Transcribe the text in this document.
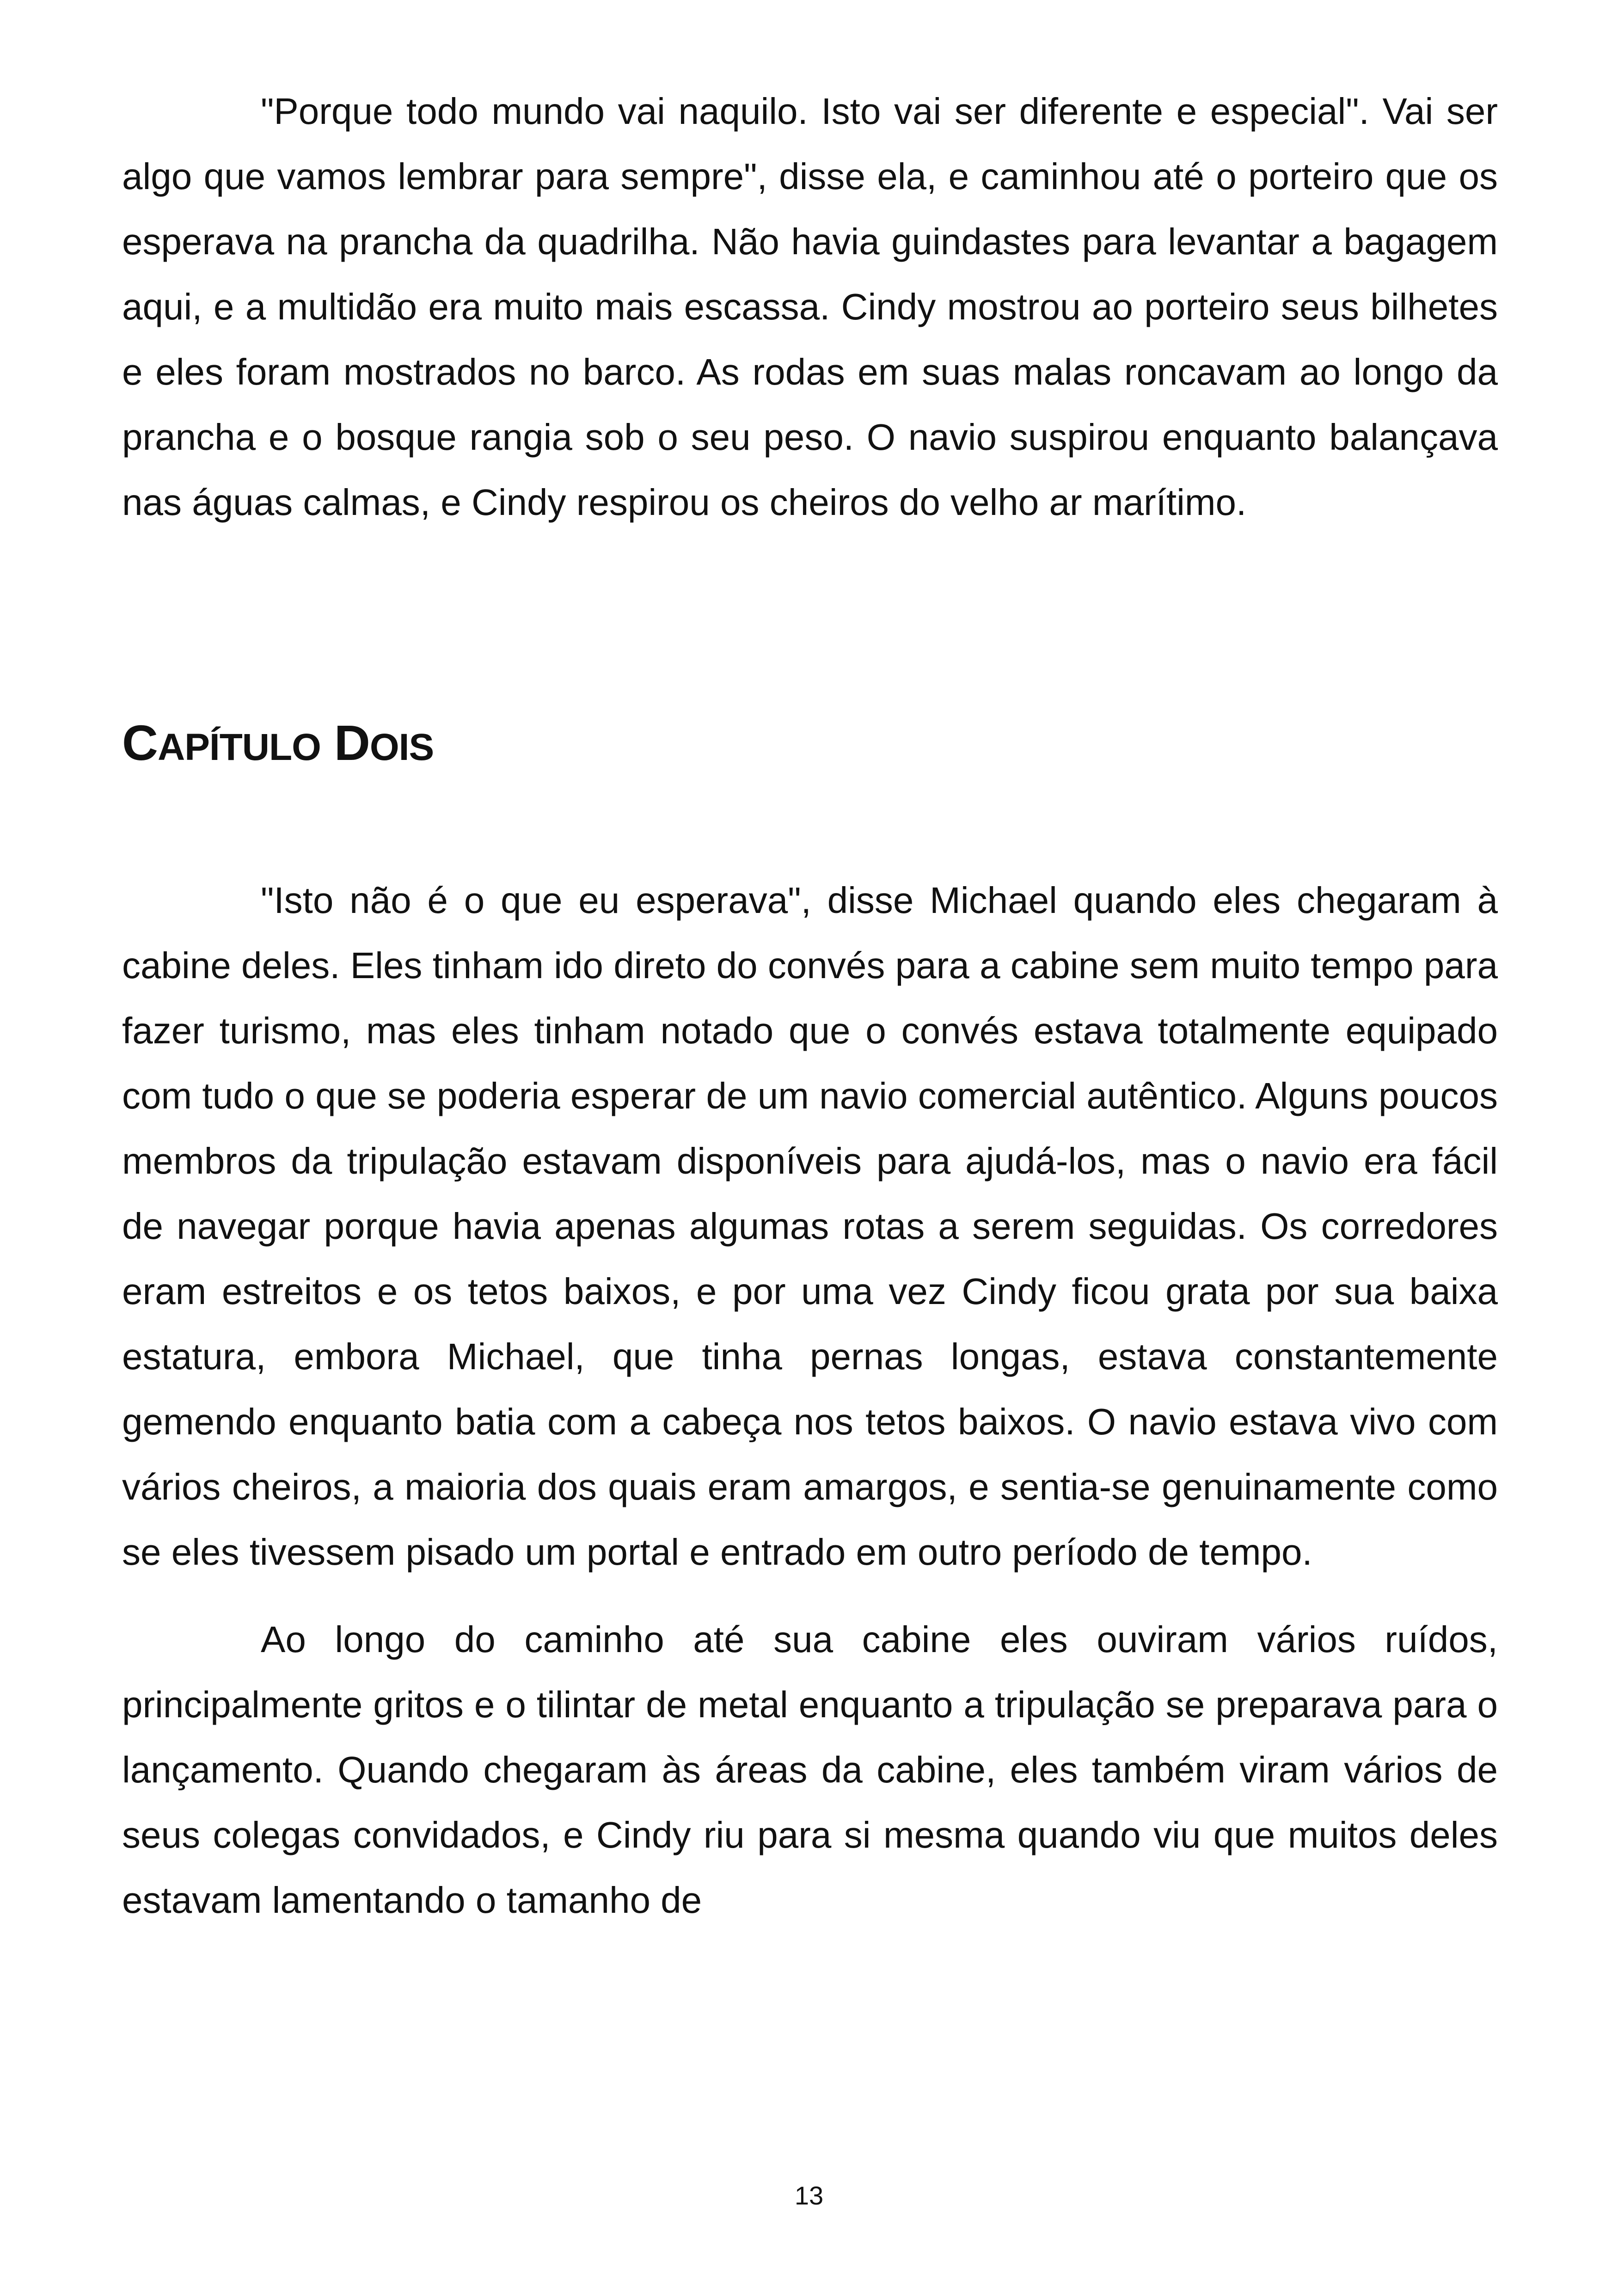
"Porque todo mundo vai naquilo. Isto vai ser diferente e especial". Vai ser algo que vamos lembrar para sempre", disse ela, e caminhou até o porteiro que os esperava na prancha da quadrilha. Não havia guindastes para levantar a bagagem aqui, e a multidão era muito mais escassa. Cindy mostrou ao porteiro seus bilhetes e eles foram mostrados no barco. As rodas em suas malas roncavam ao longo da prancha e o bosque rangia sob o seu peso. O navio suspirou enquanto balançava nas águas calmas, e Cindy respirou os cheiros do velho ar marítimo.

CAPÍTULO DOIS

"Isto não é o que eu esperava", disse Michael quando eles chegaram à cabine deles. Eles tinham ido direto do convés para a cabine sem muito tempo para fazer turismo, mas eles tinham notado que o convés estava totalmente equipado com tudo o que se poderia esperar de um navio comercial autêntico. Alguns poucos membros da tripulação estavam disponíveis para ajudá-los, mas o navio era fácil de navegar porque havia apenas algumas rotas a serem seguidas. Os corredores eram estreitos e os tetos baixos, e por uma vez Cindy ficou grata por sua baixa estatura, embora Michael, que tinha pernas longas, estava constantemente gemendo enquanto batia com a cabeça nos tetos baixos. O navio estava vivo com vários cheiros, a maioria dos quais eram amargos, e sentia-se genuinamente como se eles tivessem pisado um portal e entrado em outro período de tempo.

Ao longo do caminho até sua cabine eles ouviram vários ruídos, principalmente gritos e o tilintar de metal enquanto a tripulação se preparava para o lançamento. Quando chegaram às áreas da cabine, eles também viram vários de seus colegas convidados, e Cindy riu para si mesma quando viu que muitos deles estavam lamentando o tamanho de

13
